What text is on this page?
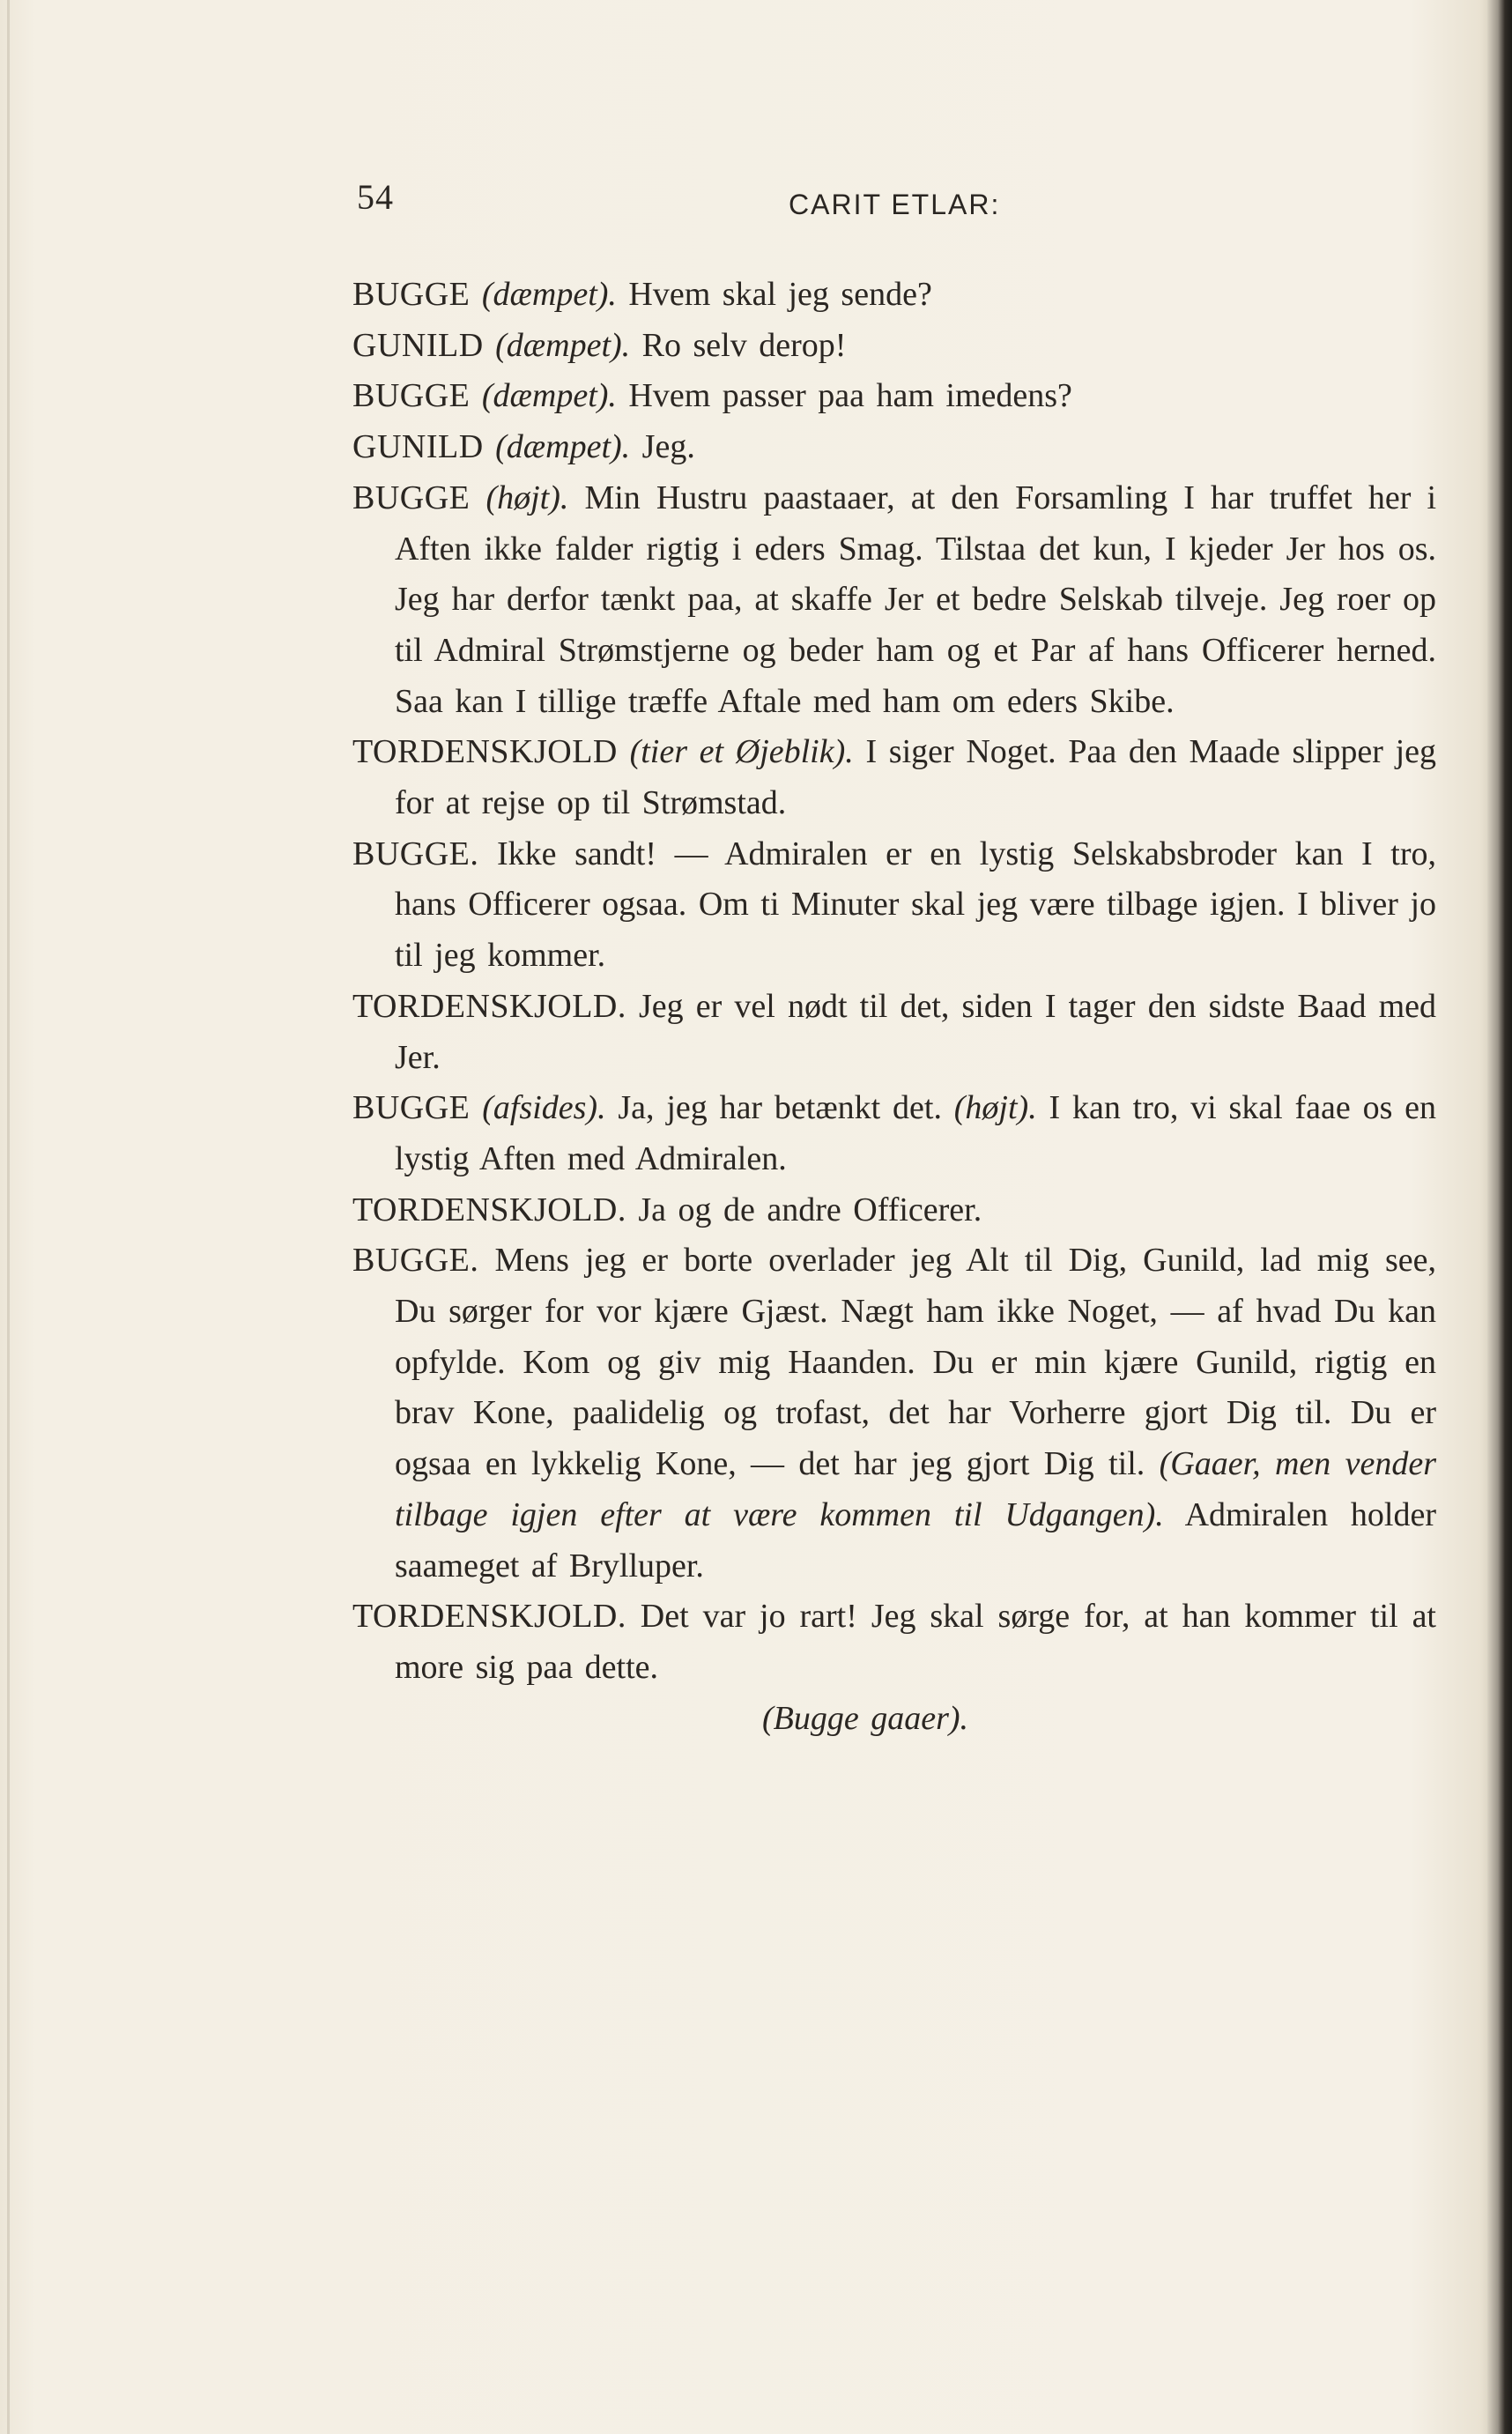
54	CARIT ETLAR:

BUGGE (dæmpet). Hvem skal jeg sende?

GUNILD (dæmpet). Ro selv derop!

BUGGE (dæmpet). Hvem passer paa ham imedens?

GUNILD (dæmpet). Jeg.

BUGGE (højt). Min Hustru paastaaer, at den Forsamling I har truffet her i Aften ikke falder rigtig i eders Smag. Tilstaa det kun, I kjeder Jer hos os. Jeg har derfor tænkt paa, at skaffe Jer et bedre Selskab tilveje. Jeg roer op til Admiral Strømstjerne og beder ham og et Par af hans Officerer herned. Saa kan I tillige træffe Aftale med ham om eders Skibe.

TORDENSKJOLD (tier et Øjeblik). I siger Noget. Paa den Maade slipper jeg for at rejse op til Strømstad.

BUGGE. Ikke sandt! — Admiralen er en lystig Selskabsbroder kan I tro, hans Officerer ogsaa. Om ti Minuter skal jeg være tilbage igjen. I bliver jo til jeg kommer.

TORDENSKJOLD. Jeg er vel nødt til det, siden I tager den sidste Baad med Jer.

BUGGE (afsides). Ja, jeg har betænkt det. (højt). I kan tro, vi skal faae os en lystig Aften med Admiralen.

TORDENSKJOLD. Ja og de andre Officerer.

BUGGE. Mens jeg er borte overlader jeg Alt til Dig, Gunild, lad mig see, Du sørger for vor kjære Gjæst. Nægt ham ikke Noget, — af hvad Du kan opfylde. Kom og giv mig Haanden. Du er min kjære Gunild, rigtig en brav Kone, paalidelig og trofast, det har Vorherre gjort Dig til. Du er ogsaa en lykkelig Kone, — det har jeg gjort Dig til. (Gaaer, men vender tilbage igjen efter at være kommen til Udgangen). Admiralen holder saameget af Brylluper.

TORDENSKJOLD. Det var jo rart! Jeg skal sørge for, at han kommer til at more sig paa dette.

(Bugge gaaer).
